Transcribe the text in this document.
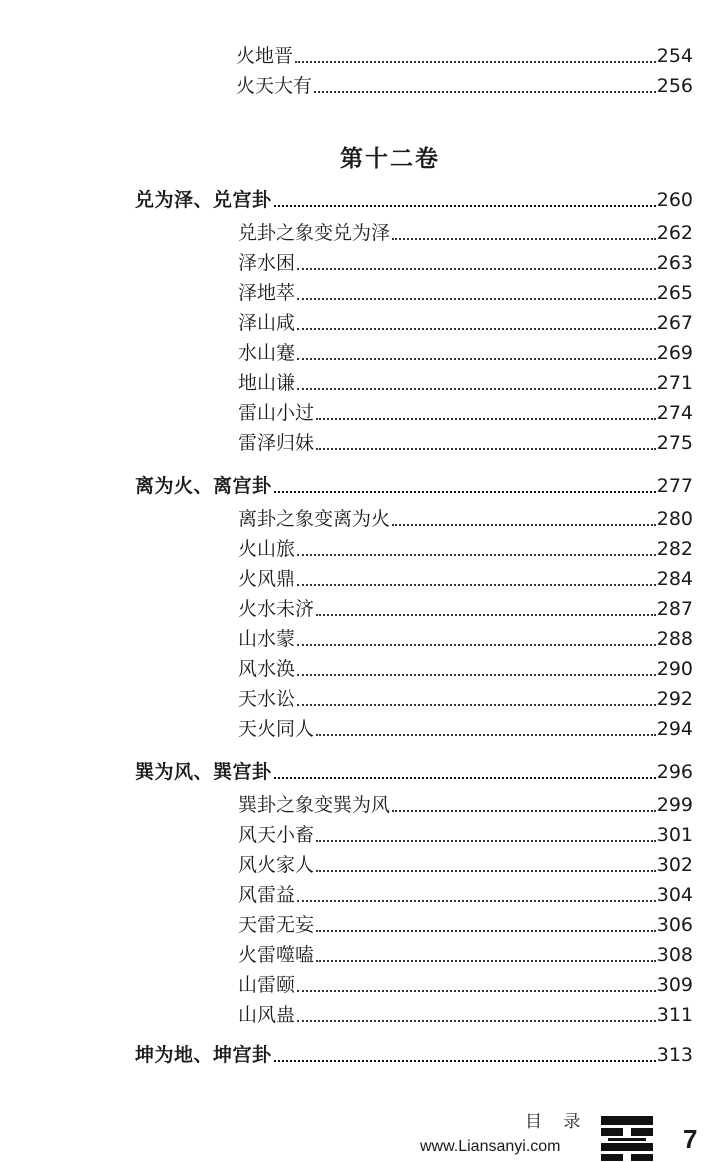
火地晋	254
火天大有	256
第十二卷
兑为泽、兑宫卦	260
兑卦之象变兑为泽	262
泽水困	263
泽地萃	265
泽山咸	267
水山蹇	269
地山谦	271
雷山小过	274
雷泽归妹	275
离为火、离宫卦	277
离卦之象变离为火	280
火山旅	282
火风鼎	284
火水未济	287
山水蒙	288
风水涣	290
天水讼	292
天火同人	294
巽为风、巽宫卦	296
巽卦之象变巽为风	299
风天小畜	301
风火家人	302
风雷益	304
天雷无妄	306
火雷噬嗑	308
山雷颐	309
山风蛊	311
坤为地、坤宫卦	313
目 录
www.Liansanyi.com	7
